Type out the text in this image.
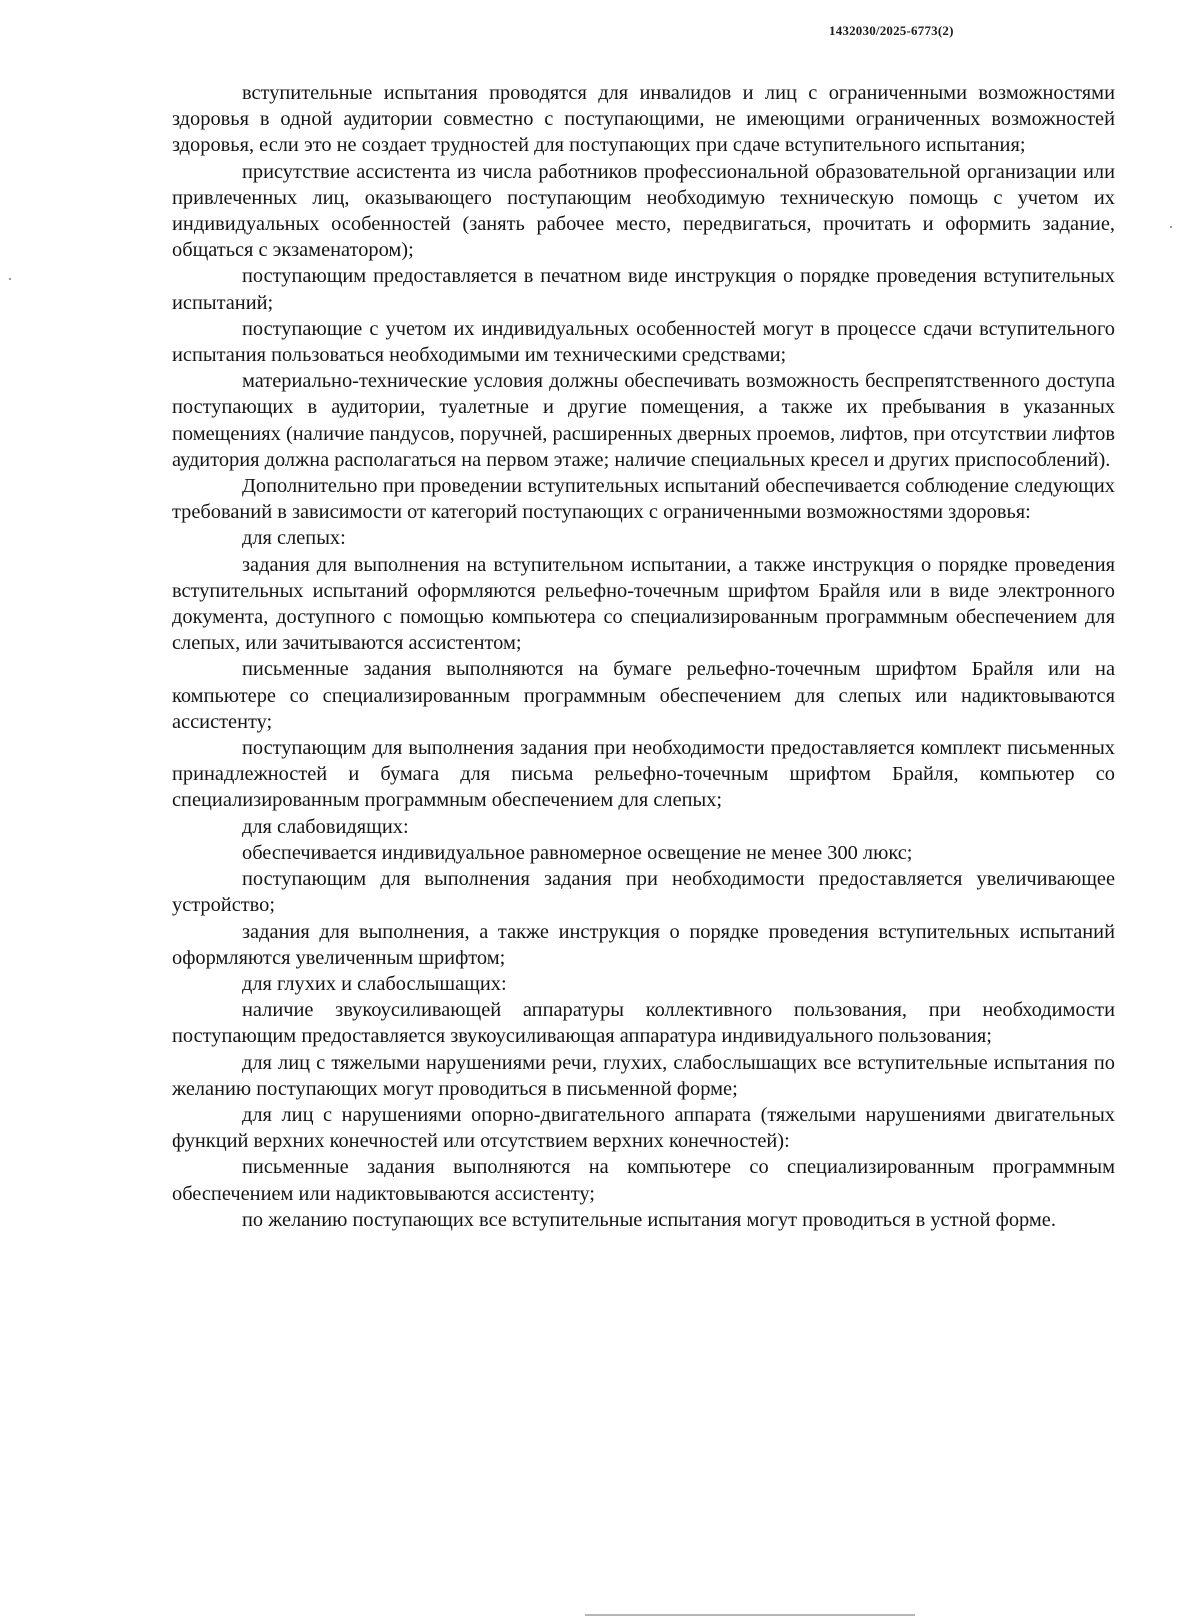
1432030/2025-6773(2)

вступительные испытания проводятся для инвалидов и лиц с ограниченными возможностями здоровья в одной аудитории совместно с поступающими, не имеющими ограниченных возможностей здоровья, если это не создает трудностей для поступающих при сдаче вступительного испытания;

присутствие ассистента из числа работников профессиональной образовательной организации или привлеченных лиц, оказывающего поступающим необходимую техническую помощь с учетом их индивидуальных особенностей (занять рабочее место, передвигаться, прочитать и оформить задание, общаться с экзаменатором);

поступающим предоставляется в печатном виде инструкция о порядке проведения вступительных испытаний;

поступающие с учетом их индивидуальных особенностей могут в процессе сдачи вступительного испытания пользоваться необходимыми им техническими средствами;

материально-технические условия должны обеспечивать возможность беспрепятственного доступа поступающих в аудитории, туалетные и другие помещения, а также их пребывания в указанных помещениях (наличие пандусов, поручней, расширенных дверных проемов, лифтов, при отсутствии лифтов аудитория должна располагаться на первом этаже; наличие специальных кресел и других приспособлений).

Дополнительно при проведении вступительных испытаний обеспечивается соблюдение следующих требований в зависимости от категорий поступающих с ограниченными возможностями здоровья:

для слепых:

задания для выполнения на вступительном испытании, а также инструкция о порядке проведения вступительных испытаний оформляются рельефно-точечным шрифтом Брайля или в виде электронного документа, доступного с помощью компьютера со специализированным программным обеспечением для слепых, или зачитываются ассистентом;

письменные задания выполняются на бумаге рельефно-точечным шрифтом Брайля или на компьютере со специализированным программным обеспечением для слепых или надиктовываются ассистенту;

поступающим для выполнения задания при необходимости предоставляется комплект письменных принадлежностей и бумага для письма рельефно-точечным шрифтом Брайля, компьютер со специализированным программным обеспечением для слепых;

для слабовидящих:

обеспечивается индивидуальное равномерное освещение не менее 300 люкс;

поступающим для выполнения задания при необходимости предоставляется увеличивающее устройство;

задания для выполнения, а также инструкция о порядке проведения вступительных испытаний оформляются увеличенным шрифтом;

для глухих и слабослышащих:

наличие звукоусиливающей аппаратуры коллективного пользования, при необходимости поступающим предоставляется звукоусиливающая аппаратура индивидуального пользования;

для лиц с тяжелыми нарушениями речи, глухих, слабослышащих все вступительные испытания по желанию поступающих могут проводиться в письменной форме;

для лиц с нарушениями опорно-двигательного аппарата (тяжелыми нарушениями двигательных функций верхних конечностей или отсутствием верхних конечностей):

письменные задания выполняются на компьютере со специализированным программным обеспечением или надиктовываются ассистенту;

по желанию поступающих все вступительные испытания могут проводиться в устной форме.
